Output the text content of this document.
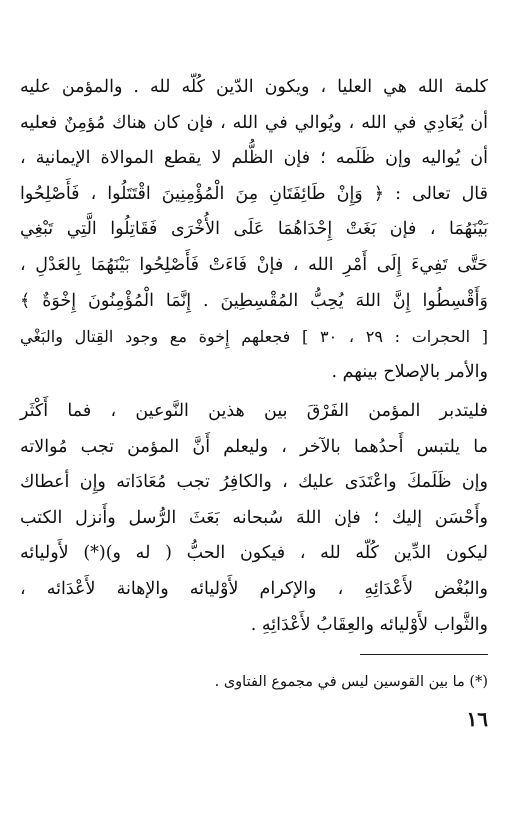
كلمة الله هي العليا ، ويكون الدّين كُلّه لله . والمؤمن عليه
أن يُعَادِي في الله ، ويُوالي في الله ، فإن كان هناك مُؤمِنٌ فعليه
أن يُواليه وإن ظَلَمه ؛ فإن الظُّلم لا يقطع الموالاة الإيمانية ،
قال تعالى : ﴿ وَإِنْ طَائِفَتَانِ مِنَ الْمُؤْمِنِينَ اقْتَتَلُوا ، فَأَصْلِحُوا
بَيْنَهُمَا ، فإن بَغَتْ إِحْدَاهُمَا عَلَى الأُخْرَى فَقَاتِلُوا الَّتِي تَبْغِي
حَتَّى تَفِيءَ إِلَى أَمْرِ الله ، فإنْ فَاءَتْ فَأَصْلِحُوا بَيْنَهُمَا بِالعَدْلِ ،
وَأَقْسِطُوا إِنَّ اللهَ يُحِبُّ المُقْسِطِينَ . إِنَّمَا الْمُؤْمِنُونَ إِخْوَةٌ ﴾
[ الحجرات : ٢٩ ، ٣٠ ] فجعلهم إِخوة مع وجود القِتال والبَغْي
والأمر بالإصلاح بينهم .
فليتدبر المؤمن الفَرْقَ بين هذين النَّوعين ، فما أَكْثَر
ما يلتبس أَحدُهما بالآخر ، وليعلم أَنَّ المؤمن تجب مُوالاته
وإن ظَلَمكَ واعْتَدَى عليك ، والكافِرُ تجب مُعَادَاته وإِن أعطاك
وأَحْسَن إليك ؛ فإن اللهَ سُبحانه بَعَثَ الرُّسل وأَنزل الكتب
ليكون الدِّين كُلّه لله ، فيكون الحبُّ ( له و)(*) لأَوليائه
والبُغْض لأَعْدَائِهِ ، والإكرام لأَوْليائه والإهانة لأَعْدَائه ،
والثَّواب لأَوْليائه والعِقَابُ لأَعْدَائِهِ .
(*) ما بين القوسين ليس في مجموع الفتاوى .
١٦
